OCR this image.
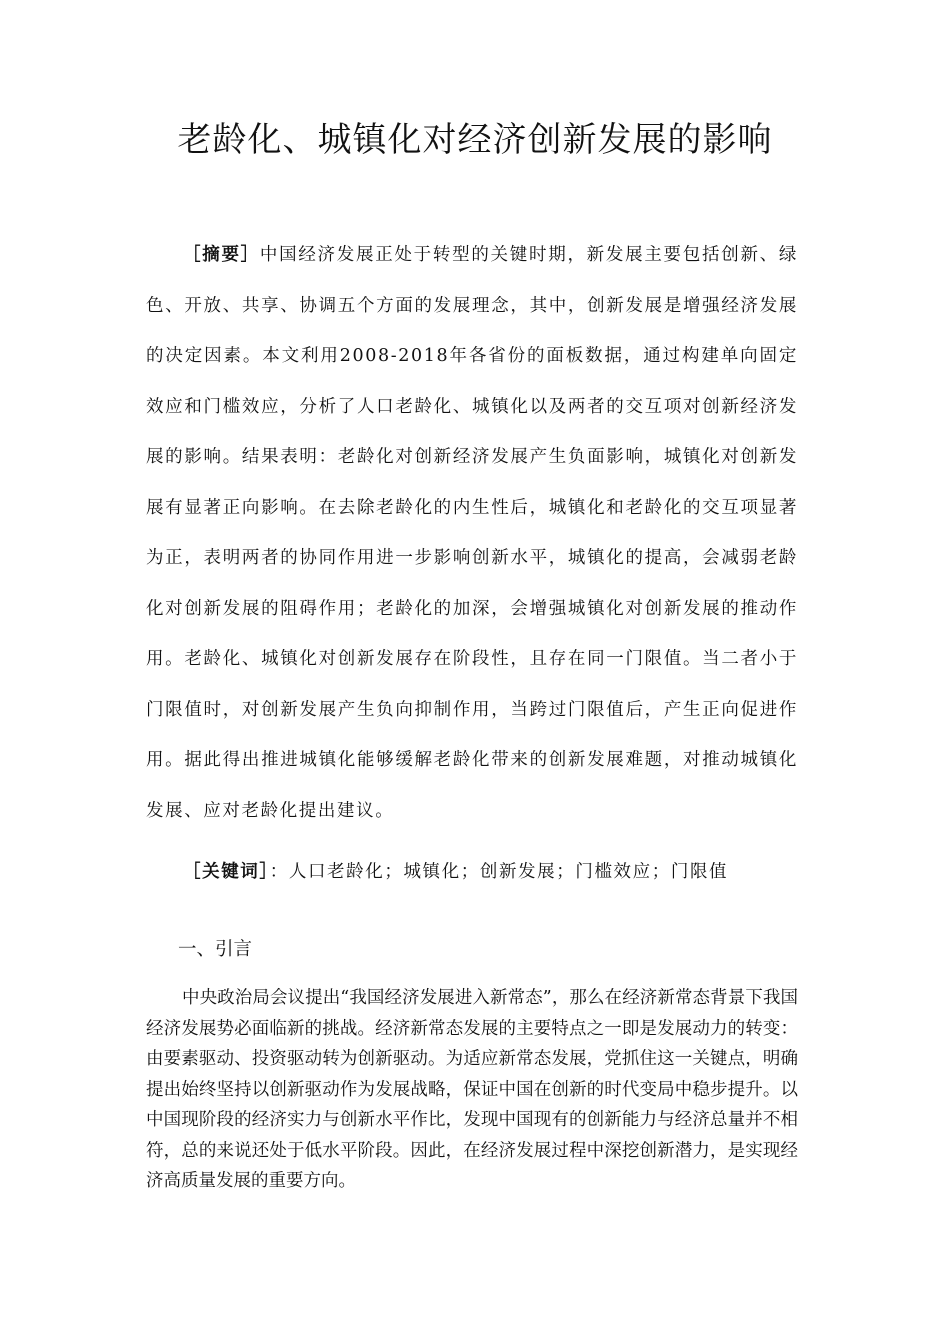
老龄化、城镇化对经济创新发展的影响

［摘要］中国经济发展正处于转型的关键时期，新发展主要包括创新、绿色、开放、共享、协调五个方面的发展理念，其中，创新发展是增强经济发展的决定因素。本文利用2008-2018年各省份的面板数据，通过构建单向固定效应和门槛效应，分析了人口老龄化、城镇化以及两者的交互项对创新经济发展的影响。结果表明：老龄化对创新经济发展产生负面影响，城镇化对创新发展有显著正向影响。在去除老龄化的内生性后，城镇化和老龄化的交互项显著为正，表明两者的协同作用进一步影响创新水平，城镇化的提高，会减弱老龄化对创新发展的阻碍作用；老龄化的加深，会增强城镇化对创新发展的推动作用。老龄化、城镇化对创新发展存在阶段性，且存在同一门限值。当二者小于门限值时，对创新发展产生负向抑制作用，当跨过门限值后，产生正向促进作用。据此得出推进城镇化能够缓解老龄化带来的创新发展难题，对推动城镇化发展、应对老龄化提出建议。

［关键词］：人口老龄化；城镇化；创新发展；门槛效应；门限值

一、引言

中央政治局会议提出“我国经济发展进入新常态”，那么在经济新常态背景下我国经济发展势必面临新的挑战。经济新常态发展的主要特点之一即是发展动力的转变：由要素驱动、投资驱动转为创新驱动。为适应新常态发展，党抓住这一关键点，明确提出始终坚持以创新驱动作为发展战略，保证中国在创新的时代变局中稳步提升。以中国现阶段的经济实力与创新水平作比，发现中国现有的创新能力与经济总量并不相符，总的来说还处于低水平阶段。因此，在经济发展过程中深挖创新潜力，是实现经济高质量发展的重要方向。
